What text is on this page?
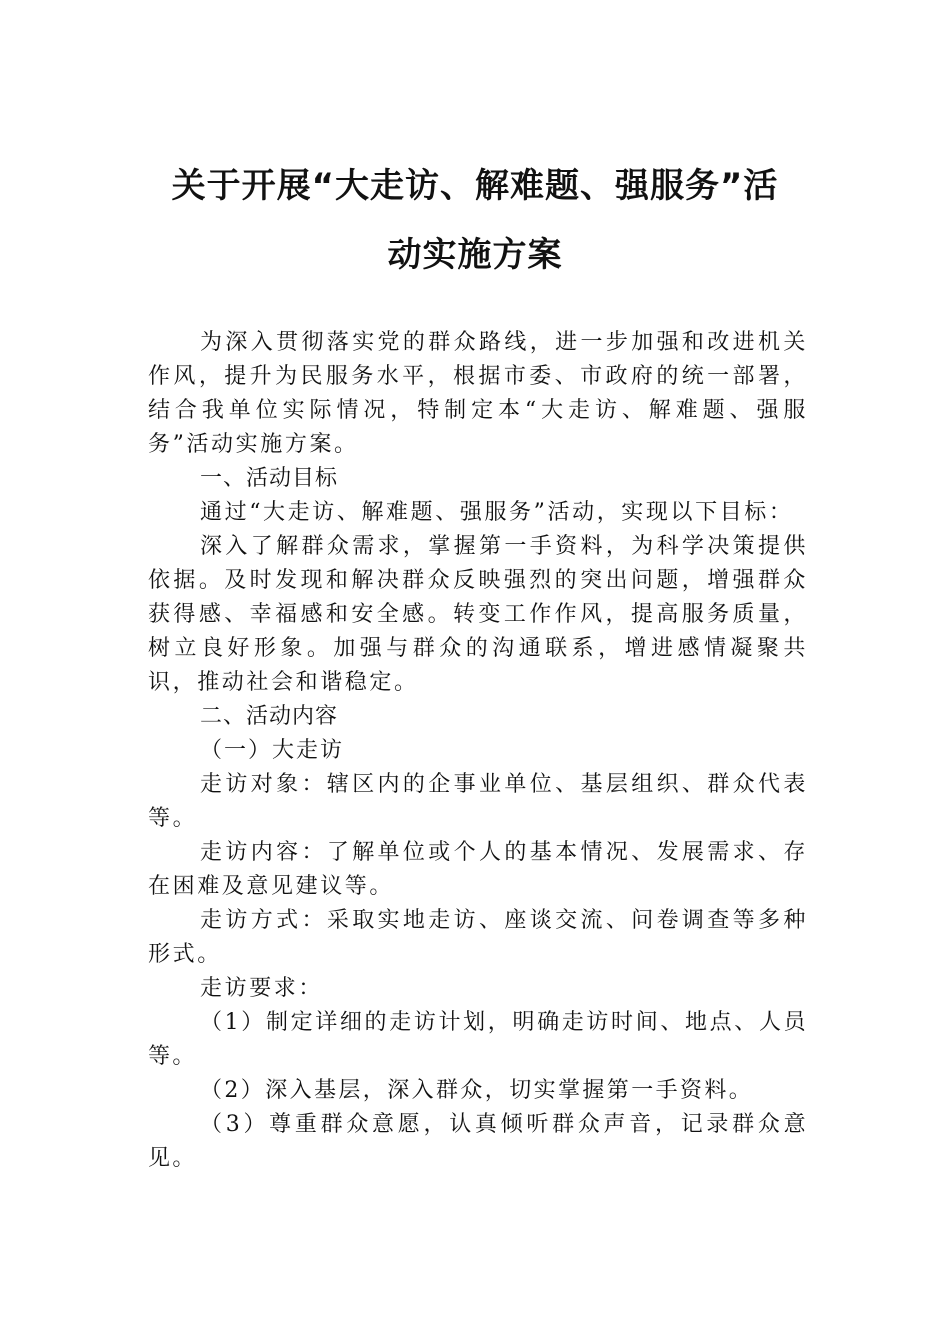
关于开展“大走访、解难题、强服务”活
动实施方案

为深入贯彻落实党的群众路线，进一步加强和改进机关作风，提升为民服务水平，根据市委、市政府的统一部署，结合我单位实际情况，特制定本“大走访、解难题、强服务”活动实施方案。

一、活动目标

通过“大走访、解难题、强服务”活动，实现以下目标：

深入了解群众需求，掌握第一手资料，为科学决策提供依据。及时发现和解决群众反映强烈的突出问题，增强群众获得感、幸福感和安全感。转变工作作风，提高服务质量，树立良好形象。加强与群众的沟通联系，增进感情凝聚共识，推动社会和谐稳定。

二、活动内容

（一）大走访

走访对象：辖区内的企事业单位、基层组织、群众代表等。

走访内容：了解单位或个人的基本情况、发展需求、存在困难及意见建议等。

走访方式：采取实地走访、座谈交流、问卷调查等多种形式。

走访要求：

（1）制定详细的走访计划，明确走访时间、地点、人员等。

（2）深入基层，深入群众，切实掌握第一手资料。

（3）尊重群众意愿，认真倾听群众声音，记录群众意见。
